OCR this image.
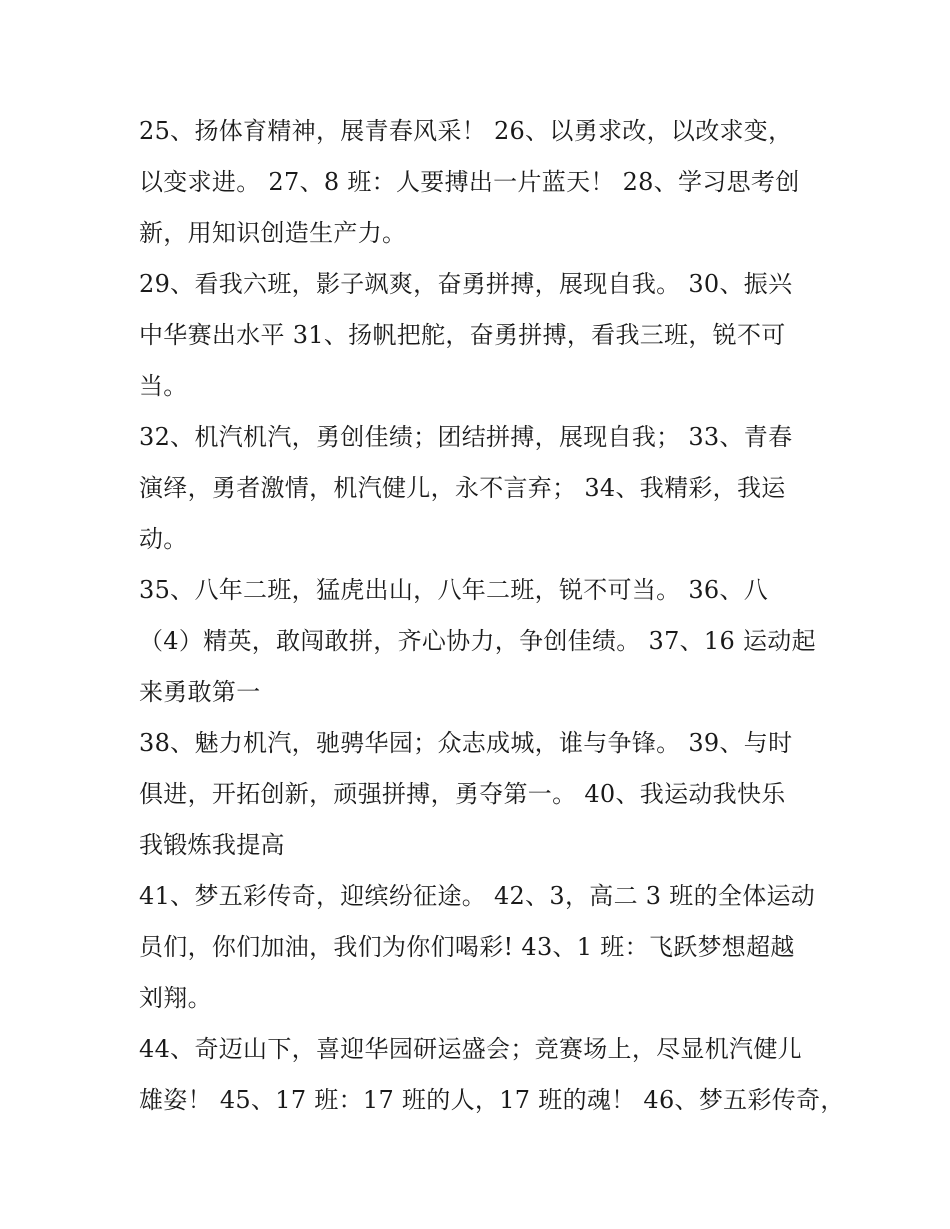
25、扬体育精神，展青春风采！ 26、以勇求改，以改求变，
以变求进。 27、8 班：人要搏出一片蓝天！ 28、学习思考创
新，用知识创造生产力。
29、看我六班，影子飒爽，奋勇拼搏，展现自我。 30、振兴
中华赛出水平 31、扬帆把舵，奋勇拼搏，看我三班，锐不可
当。
32、机汽机汽，勇创佳绩；团结拼搏，展现自我； 33、青春
演绎，勇者激情，机汽健儿，永不言弃； 34、我精彩，我运
动。
35、八年二班，猛虎出山，八年二班，锐不可当。 36、八
（4）精英，敢闯敢拼，齐心协力，争创佳绩。 37、16 运动起
来勇敢第一
38、魅力机汽，驰骋华园；众志成城，谁与争锋。 39、与时
俱进，开拓创新，顽强拼搏，勇夺第一。 40、我运动我快乐
我锻炼我提高
41、梦五彩传奇，迎缤纷征途。 42、3，高二 3 班的全体运动
员们，你们加油，我们为你们喝彩! 43、1 班：飞跃梦想超越
刘翔。
44、奇迈山下，喜迎华园研运盛会；竞赛场上，尽显机汽健儿
雄姿！ 45、17 班：17 班的人，17 班的魂！ 46、梦五彩传奇，
